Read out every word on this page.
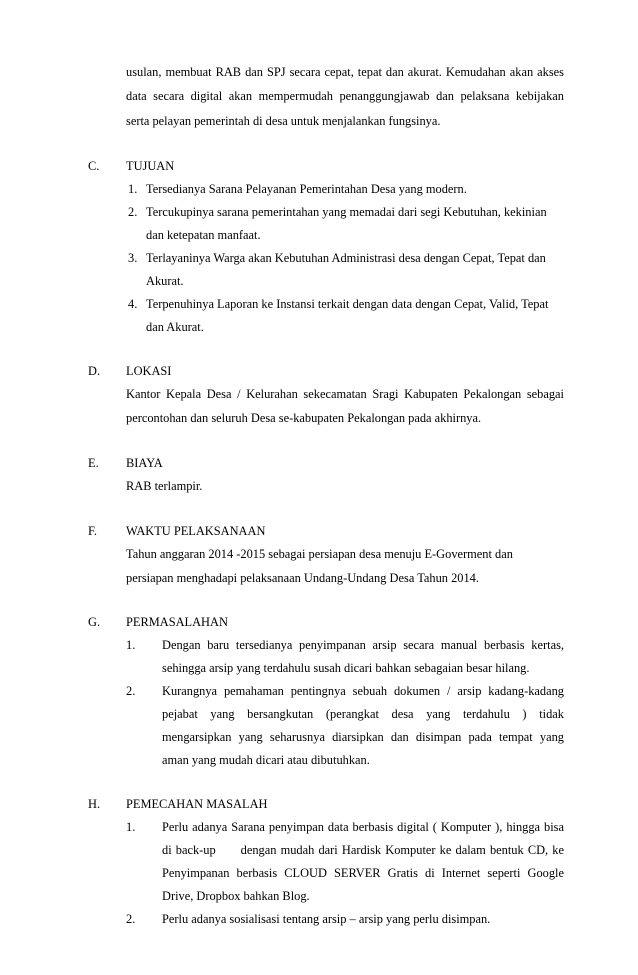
usulan, membuat RAB dan SPJ secara cepat, tepat dan akurat. Kemudahan akan akses
data secara digital akan mempermudah penanggungjawab dan pelaksana kebijakan
serta pelayan pemerintah di desa untuk menjalankan fungsinya.
C. TUJUAN
1. Tersedianya Sarana Pelayanan Pemerintahan Desa yang modern.
2. Tercukupinya sarana pemerintahan yang memadai dari segi Kebutuhan, kekinian
dan ketepatan manfaat.
3. Terlayaninya Warga akan Kebutuhan Administrasi desa dengan Cepat, Tepat dan
Akurat.
4. Terpenuhinya Laporan ke Instansi terkait dengan data dengan Cepat, Valid, Tepat
dan Akurat.
D. LOKASI
Kantor Kepala Desa / Kelurahan sekecamatan Sragi Kabupaten Pekalongan sebagai
percontohan dan seluruh Desa se-kabupaten Pekalongan pada akhirnya.
E. BIAYA
RAB terlampir.
F. WAKTU PELAKSANAAN
Tahun anggaran 2014 -2015 sebagai persiapan desa menuju E-Goverment dan
persiapan menghadapi pelaksanaan Undang-Undang Desa Tahun 2014.
G. PERMASALAHAN
1. Dengan baru tersedianya penyimpanan arsip secara manual berbasis kertas,
sehingga arsip yang terdahulu susah dicari bahkan sebagaian besar hilang.
2. Kurangnya pemahaman pentingnya sebuah dokumen / arsip kadang-kadang
pejabat yang bersangkutan (perangkat desa yang terdahulu ) tidak
mengarsipkan yang seharusnya diarsipkan dan disimpan pada tempat yang
aman yang mudah dicari atau dibutuhkan.
H. PEMECAHAN MASALAH
1. Perlu adanya Sarana penyimpan data berbasis digital ( Komputer ), hingga bisa
di back-up      dengan mudah dari Hardisk Komputer ke dalam bentuk CD, ke
Penyimpanan berbasis CLOUD SERVER Gratis di Internet seperti Google
Drive, Dropbox bahkan Blog.
2. Perlu adanya sosialisasi tentang arsip – arsip yang perlu disimpan.
